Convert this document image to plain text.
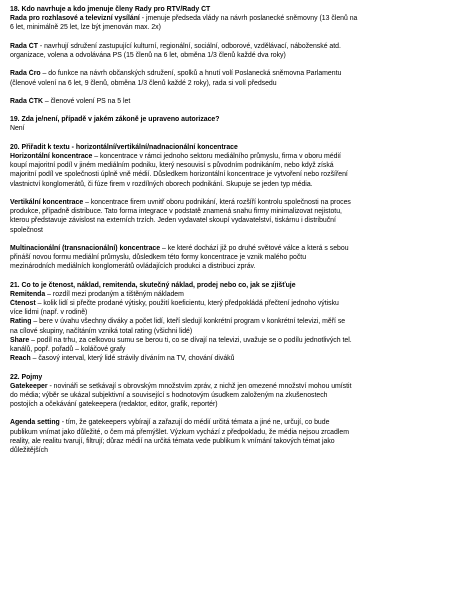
18. Kdo navrhuje a kdo jmenuje členy Rady pro RTV/Rady ČT
Rada pro rozhlasové a televizní vysílání - jmenuje předseda vlády na návrh poslanecké sněmovny (13 členů na
6 let, minimálně 25 let, lze být jmenován max. 2x)
Rada ČT - navrhují sdružení zastupující kulturní, regionální, sociální, odborové, vzdělávací, náboženské atd.
organizace, volena a odvolávána PS (15 členů na 6 let, obměna 1/3 členů každé dva roky)
Rada Čro – do funkce na návrh občanských sdružení, spolků a hnutí volí Poslanecká sněmovna Parlamentu
(členové volení na 6 let, 9 členů, obměna 1/3 členů každé 2 roky), rada si volí předsedu
Rada ČTK – členové volení PS na 5 let
19. Zda je/není, případě v jakém zákoně je upraveno autorizace?
Není
20. Přiřadit k textu - horizontální/vertikální/nadnacionální koncentrace
Horizontální koncentrace – koncentrace v rámci jednoho sektoru mediálního průmyslu, firma v oboru médií
koupí majoritní podíl v jiném mediálním podniku, který nesouvisí s původním podnikáním, nebo když získá
majoritní podíl ve společnosti úplně vně médií. Důsledkem horizontální koncentrace je vytvoření nebo rozšíření
vlastnictví konglomerátů, či fúze firem v rozdílných oborech podnikání. Skupuje se jeden typ média.
Vertikální koncentrace – koncentrace firem uvnitř oboru podnikání, která rozšíří kontrolu společnosti na proces
produkce, případně distribuce. Tato forma integrace v podstatě znamená snahu firmy minimalizovat nejistotu,
kterou představuje závislost na externích trzích. Jeden vydavatel skoupí vydavatelství, tiskárnu i distribuční
společnost
Multinacionální (transnacionální) koncentrace – ke které dochází již po druhé světové válce a která s sebou
přináší novou formu mediální průmyslu, důsledkem této formy koncentrace je vznik malého počtu
mezinárodních mediálních konglomerátů ovládajících produkci a distribuci zpráv.
21. Co to je čtenost, náklad, remitenda, skutečný náklad, prodej nebo co, jak se zjišťuje
Remitenda – rozdíl mezi prodaným a tištěným nákladem
Čtenost – kolik lidí si přečte prodané výtisky, použití koeficientu, který předpokládá přečtení jednoho výtisku
více lidmi (např. v rodině)
Rating – bere v úvahu všechny diváky a počet lidí, kteří sledují konkrétní program v konkrétní televizi, měří se
na cílové skupiny, načítáním vzniká total rating (všichni lidé)
Share – podíl na trhu, za celkovou sumu se berou ti, co se dívají na televizi, uvažuje se o podílu jednotlivých tel.
kanálů, popř. pořadů – koláčové grafy
Reach – časový interval, který lidé strávily díváním na TV, chování diváků
22. Pojmy
Gatekeeper - novináři se setkávají s obrovským množstvím zpráv, z nichž jen omezené množství mohou umístit
do média; výběr se ukázal subjektivní a související s hodnotovým úsudkem založeným na zkušenostech
postojích a očekávání gatekeepera (redaktor, editor, grafik, reportér)
Agenda setting - tím, že gatekeepers vybírají a zařazují do médií určitá témata a jiné ne, určují, co bude
publikum vnímat jako důležité, o čem má přemýšlet. Výzkum vychází z předpokladu, že média nejsou zrcadlem
reality, ale realitu tvarují, filtrují; důraz médií na určitá témata vede publikum k vnímání takových témat jako
důležitějších
